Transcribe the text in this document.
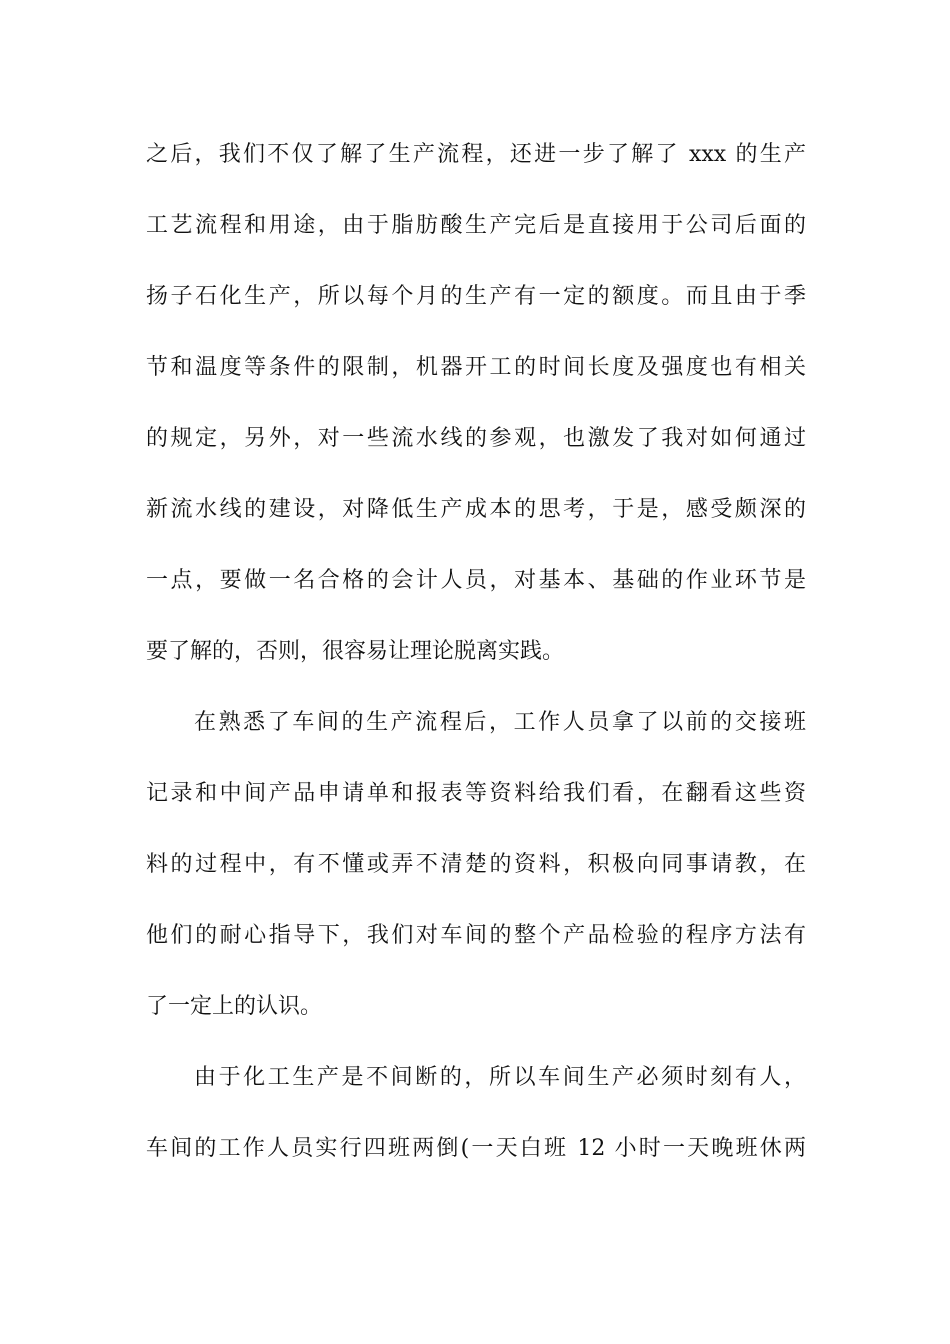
之后，我们不仅了解了生产流程，还进一步了解了 xxx 的生产
工艺流程和用途，由于脂肪酸生产完后是直接用于公司后面的
扬子石化生产，所以每个月的生产有一定的额度。而且由于季
节和温度等条件的限制，机器开工的时间长度及强度也有相关
的规定，另外，对一些流水线的参观，也激发了我对如何通过
新流水线的建设，对降低生产成本的思考，于是，感受颇深的
一点，要做一名合格的会计人员，对基本、基础的作业环节是
要了解的，否则，很容易让理论脱离实践。
在熟悉了车间的生产流程后，工作人员拿了以前的交接班
记录和中间产品申请单和报表等资料给我们看，在翻看这些资
料的过程中，有不懂或弄不清楚的资料，积极向同事请教，在
他们的耐心指导下，我们对车间的整个产品检验的程序方法有
了一定上的认识。
由于化工生产是不间断的，所以车间生产必须时刻有人，
车间的工作人员实行四班两倒(一天白班 12 小时一天晚班休两
